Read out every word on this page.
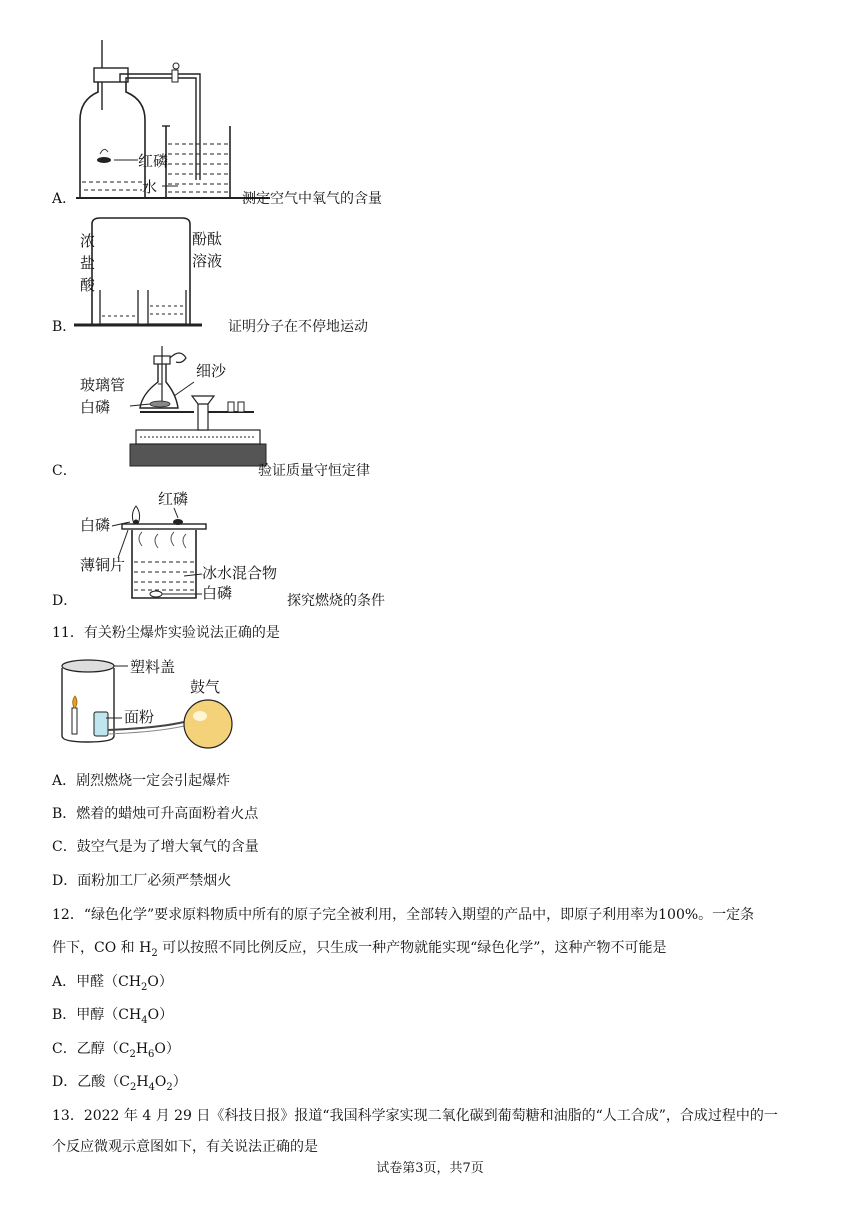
红磷
水
A．	测定空气中氧气的含量
浓
盐
酸
酚酞
溶液
B．	证明分子在不停地运动
玻璃管
白磷
细沙
C．	验证质量守恒定律
红磷
白磷
薄铜片	冰水混合物
白磷
D．	探究燃烧的条件
11．有关粉尘爆炸实验说法正确的是
塑料盖
鼓气
面粉
A．剧烈燃烧一定会引起爆炸
B．燃着的蜡烛可升高面粉着火点
C．鼓空气是为了增大氧气的含量
D．面粉加工厂必须严禁烟火
12．“绿色化学”要求原料物质中所有的原子完全被利用，全部转入期望的产品中，即原子利用率为100%。一定条
件下，CO 和 $H_2$ 可以按照不同比例反应，只生成一种产物就能实现“绿色化学”，这种产物不可能是
A．甲醛$(CH_2O)$
B．甲醇$(CH_4O)$
C．乙醇$(C_2H_6O)$
D．乙酸$(C_2H_4O_2)$
13．2022 年 4 月 29 日《科技日报》报道“我国科学家实现二氧化碳到葡萄糖和油脂的“人工合成”，合成过程中的一
个反应微观示意图如下，有关说法正确的是
试卷第3页，共7页
